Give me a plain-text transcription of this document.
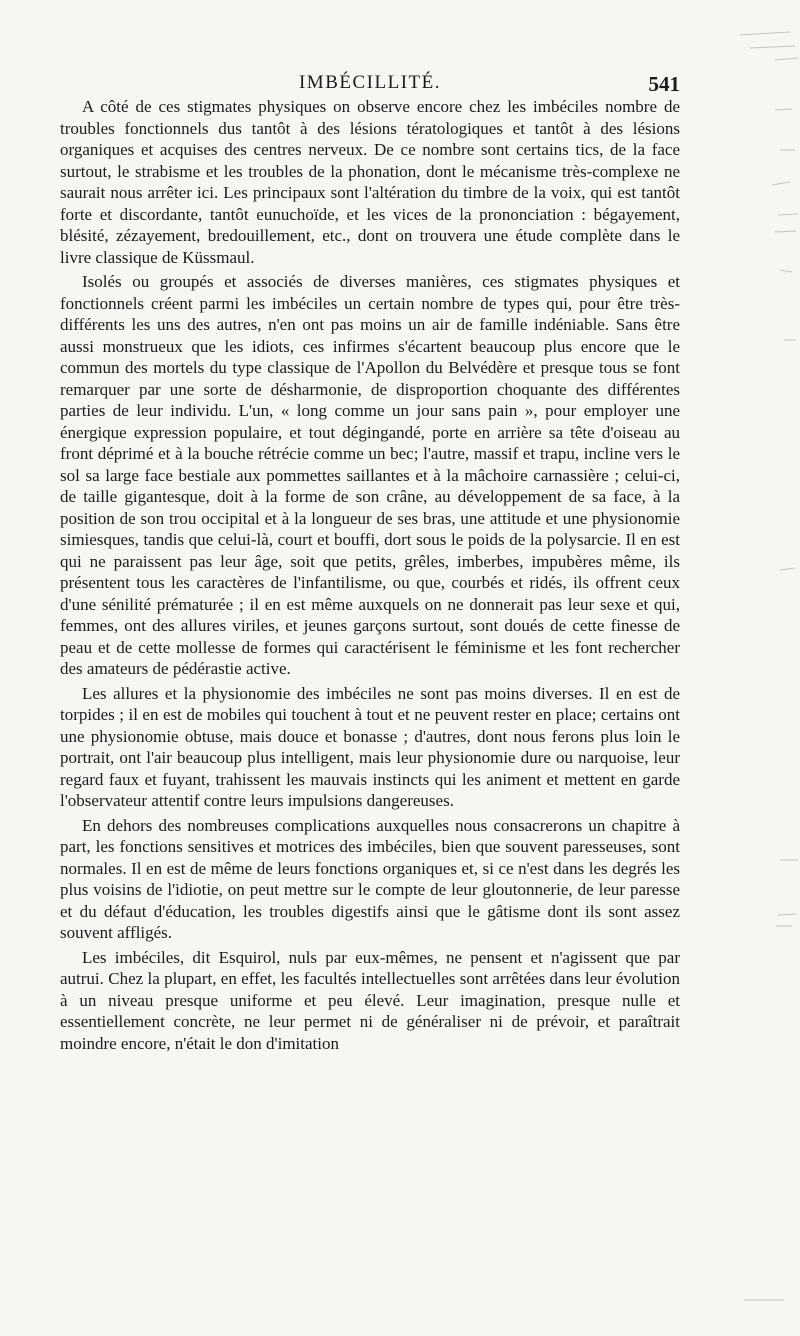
IMBÉCILLITÉ.	541

A côté de ces stigmates physiques on observe encore chez les imbéciles nombre de troubles fonctionnels dus tantôt à des lésions tératologiques et tantôt à des lésions organiques et acquises des centres nerveux. De ce nombre sont certains tics, de la face surtout, le strabisme et les troubles de la phonation, dont le mécanisme très-complexe ne saurait nous arrêter ici. Les principaux sont l'altération du timbre de la voix, qui est tantôt forte et discordante, tantôt eunuchoïde, et les vices de la prononciation : bégayement, blésité, zézayement, bredouillement, etc., dont on trouvera une étude complète dans le livre classique de Küssmaul.

Isolés ou groupés et associés de diverses manières, ces stigmates physiques et fonctionnels créent parmi les imbéciles un certain nombre de types qui, pour être très-différents les uns des autres, n'en ont pas moins un air de famille indéniable. Sans être aussi monstrueux que les idiots, ces infirmes s'écartent beaucoup plus encore que le commun des mortels du type classique de l'Apollon du Belvédère et presque tous se font remarquer par une sorte de désharmonie, de disproportion choquante des différentes parties de leur individu. L'un, « long comme un jour sans pain », pour employer une énergique expression populaire, et tout dégingandé, porte en arrière sa tête d'oiseau au front déprimé et à la bouche rétrécie comme un bec; l'autre, massif et trapu, incline vers le sol sa large face bestiale aux pommettes saillantes et à la mâchoire carnassière ; celui-ci, de taille gigantesque, doit à la forme de son crâne, au développement de sa face, à la position de son trou occipital et à la longueur de ses bras, une attitude et une physionomie simiesques, tandis que celui-là, court et bouffi, dort sous le poids de la polysarcie. Il en est qui ne paraissent pas leur âge, soit que petits, grêles, imberbes, impubères même, ils présentent tous les caractères de l'infantilisme, ou que, courbés et ridés, ils offrent ceux d'une sénilité prématurée ; il en est même auxquels on ne donnerait pas leur sexe et qui, femmes, ont des allures viriles, et jeunes garçons surtout, sont doués de cette finesse de peau et de cette mollesse de formes qui caractérisent le féminisme et les font rechercher des amateurs de pédérastie active.

Les allures et la physionomie des imbéciles ne sont pas moins diverses. Il en est de torpides ; il en est de mobiles qui touchent à tout et ne peuvent rester en place; certains ont une physionomie obtuse, mais douce et bonasse ; d'autres, dont nous ferons plus loin le portrait, ont l'air beaucoup plus intelligent, mais leur physionomie dure ou narquoise, leur regard faux et fuyant, trahissent les mauvais instincts qui les animent et mettent en garde l'observateur attentif contre leurs impulsions dangereuses.

En dehors des nombreuses complications auxquelles nous consacrerons un chapitre à part, les fonctions sensitives et motrices des imbéciles, bien que souvent paresseuses, sont normales. Il en est de même de leurs fonctions organiques et, si ce n'est dans les degrés les plus voisins de l'idiotie, on peut mettre sur le compte de leur gloutonnerie, de leur paresse et du défaut d'éducation, les troubles digestifs ainsi que le gâtisme dont ils sont assez souvent affligés.

Les imbéciles, dit Esquirol, nuls par eux-mêmes, ne pensent et n'agissent que par autrui. Chez la plupart, en effet, les facultés intellectuelles sont arrêtées dans leur évolution à un niveau presque uniforme et peu élevé. Leur imagination, presque nulle et essentiellement concrète, ne leur permet ni de généraliser ni de prévoir, et paraîtrait moindre encore, n'était le don d'imitation
